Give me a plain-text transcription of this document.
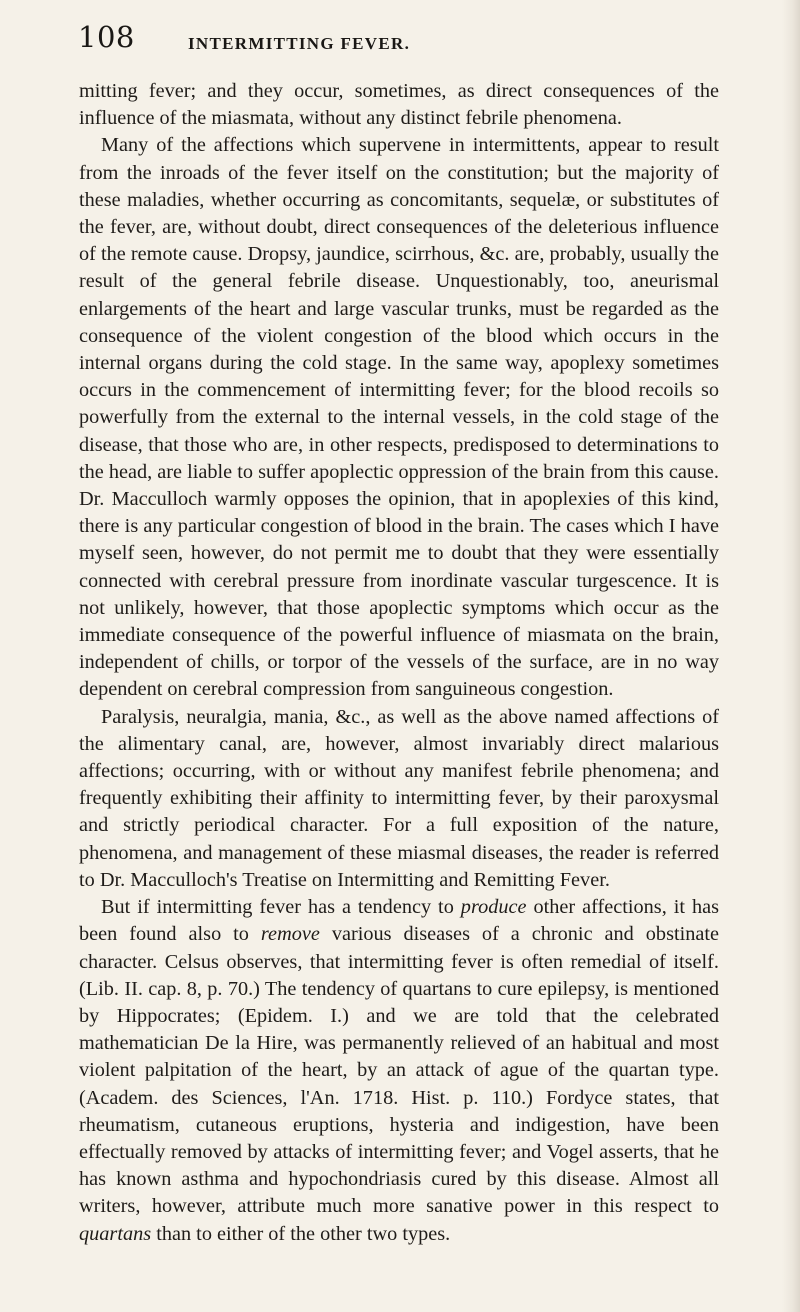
108	INTERMITTING FEVER.

mitting fever; and they occur, sometimes, as direct consequences of the influence of the miasmata, without any distinct febrile phenomena.

Many of the affections which supervene in intermittents, appear to result from the inroads of the fever itself on the constitution; but the majority of these maladies, whether occurring as concomitants, sequelæ, or substitutes of the fever, are, without doubt, direct consequences of the deleterious influence of the remote cause. Dropsy, jaundice, scirrhous, &c. are, probably, usually the result of the general febrile disease. Unquestionably, too, aneurismal enlargements of the heart and large vascular trunks, must be regarded as the consequence of the violent congestion of the blood which occurs in the internal organs during the cold stage. In the same way, apoplexy sometimes occurs in the commencement of intermitting fever; for the blood recoils so powerfully from the external to the internal vessels, in the cold stage of the disease, that those who are, in other respects, predisposed to determinations to the head, are liable to suffer apoplectic oppression of the brain from this cause. Dr. Macculloch warmly opposes the opinion, that in apoplexies of this kind, there is any particular congestion of blood in the brain. The cases which I have myself seen, however, do not permit me to doubt that they were essentially connected with cerebral pressure from inordinate vascular turgescence. It is not unlikely, however, that those apoplectic symptoms which occur as the immediate consequence of the powerful influence of miasmata on the brain, independent of chills, or torpor of the vessels of the surface, are in no way dependent on cerebral compression from sanguineous congestion.

Paralysis, neuralgia, mania, &c., as well as the above named affections of the alimentary canal, are, however, almost invariably direct malarious affections; occurring, with or without any manifest febrile phenomena; and frequently exhibiting their affinity to intermitting fever, by their paroxysmal and strictly periodical character. For a full exposition of the nature, phenomena, and management of these miasmal diseases, the reader is referred to Dr. Macculloch's Treatise on Intermitting and Remitting Fever.

But if intermitting fever has a tendency to produce other affections, it has been found also to remove various diseases of a chronic and obstinate character. Celsus observes, that intermitting fever is often remedial of itself. (Lib. II. cap. 8, p. 70.) The tendency of quartans to cure epilepsy, is mentioned by Hippocrates; (Epidem. I.) and we are told that the celebrated mathematician De la Hire, was permanently relieved of an habitual and most violent palpitation of the heart, by an attack of ague of the quartan type. (Academ. des Sciences, l'An. 1718. Hist. p. 110.) Fordyce states, that rheumatism, cutaneous eruptions, hysteria and indigestion, have been effectually removed by attacks of intermitting fever; and Vogel asserts, that he has known asthma and hypochondriasis cured by this disease. Almost all writers, however, attribute much more sanative power in this respect to quartans than to either of the other two types.
